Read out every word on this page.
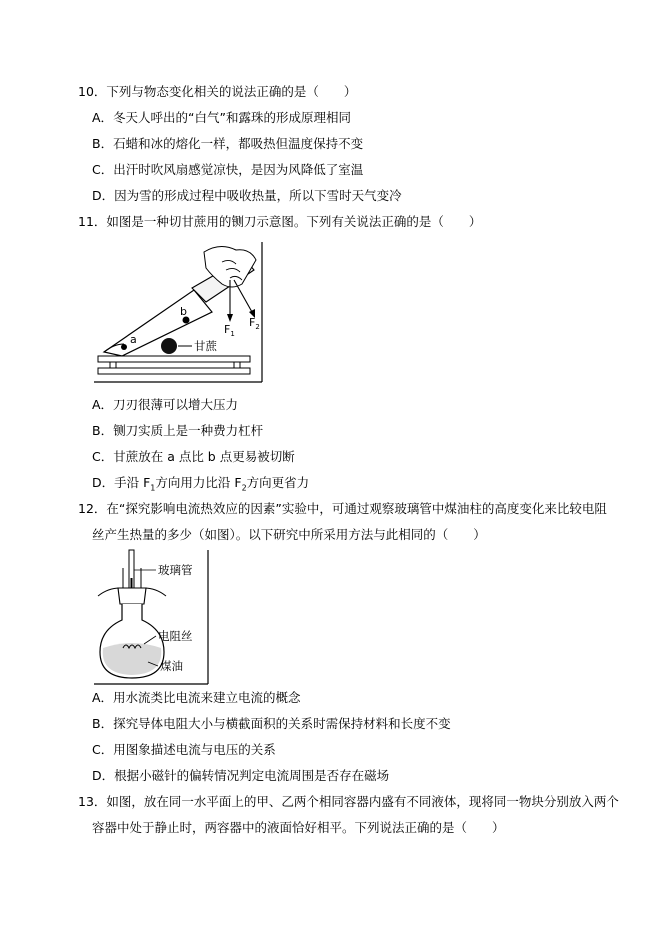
10．下列与物态变化相关的说法正确的是（　　）
A．冬天人呼出的“白气”和露珠的形成原理相同
B．石蜡和冰的熔化一样，都吸热但温度保持不变
C．出汗时吹风扇感觉凉快，是因为风降低了室温
D．因为雪的形成过程中吸收热量，所以下雪时天气变冷
11．如图是一种切甘蔗用的铡刀示意图。下列有关说法正确的是（　　）
a
b
$F_1$
$F_2$
甘蔗
A．刀刃很薄可以增大压力
B．铡刀实质上是一种费力杠杆
C．甘蔗放在 a 点比 b 点更易被切断
D．手沿 $F_1$方向用力比沿 $F_2$方向更省力
12．在“探究影响电流热效应的因素”实验中，可通过观察玻璃管中煤油柱的高度变化来比较电阻
丝产生热量的多少（如图）。以下研究中所采用方法与此相同的（　　）
玻璃管
电阻丝
煤油
A．用水流类比电流来建立电流的概念
B．探究导体电阻大小与横截面积的关系时需保持材料和长度不变
C．用图象描述电流与电压的关系
D．根据小磁针的偏转情况判定电流周围是否存在磁场
13．如图，放在同一水平面上的甲、乙两个相同容器内盛有不同液体，现将同一物块分别放入两个
容器中处于静止时，两容器中的液面恰好相平。下列说法正确的是（　　）
